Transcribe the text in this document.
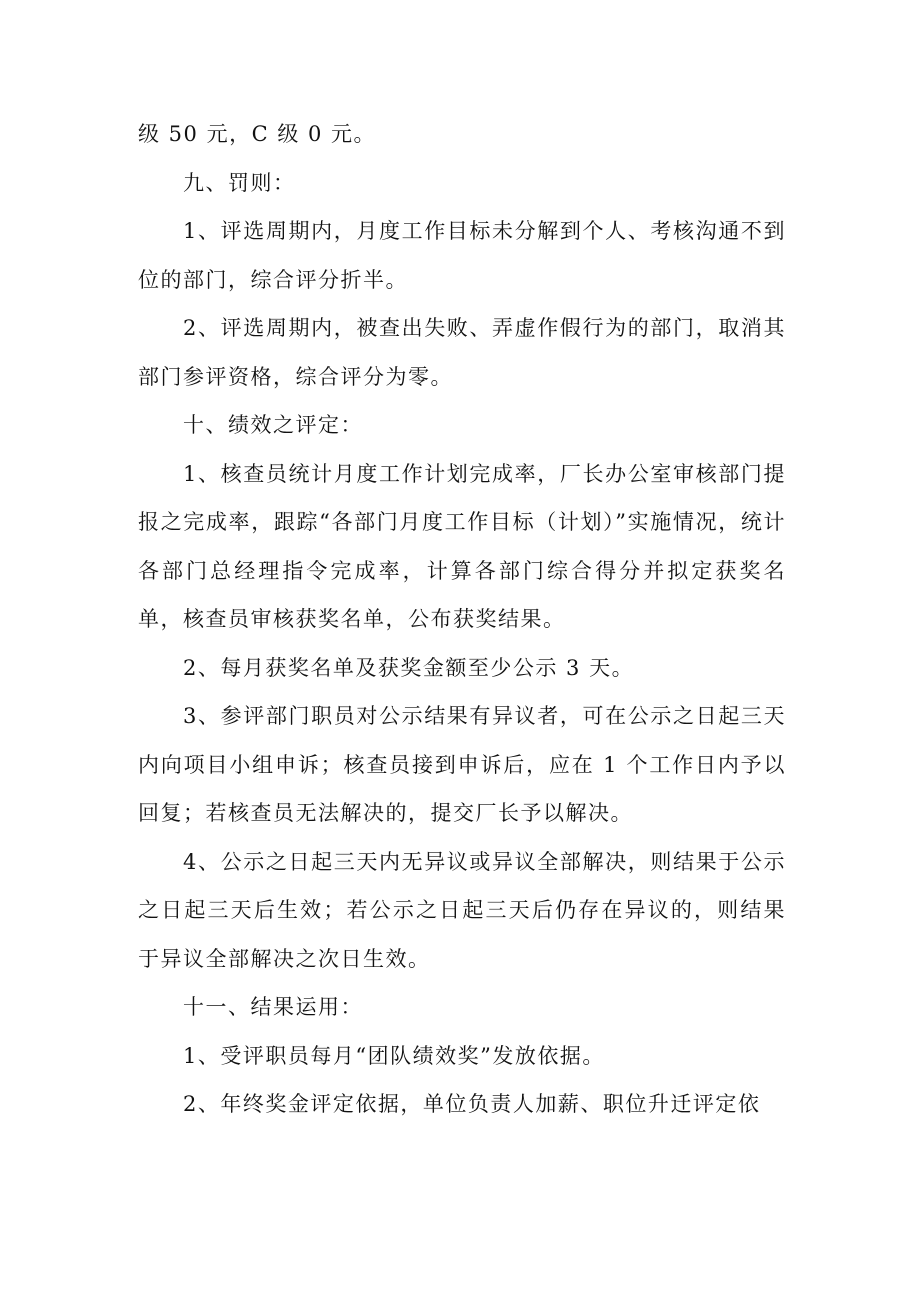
级 50 元，C 级 0 元。

九、罚则：

1、评选周期内，月度工作目标未分解到个人、考核沟通不到位的部门，综合评分折半。

2、评选周期内，被查出失败、弄虚作假行为的部门，取消其部门参评资格，综合评分为零。

十、绩效之评定：

1、核查员统计月度工作计划完成率，厂长办公室审核部门提报之完成率，跟踪“各部门月度工作目标（计划）”实施情况，统计各部门总经理指令完成率，计算各部门综合得分并拟定获奖名单，核查员审核获奖名单，公布获奖结果。

2、每月获奖名单及获奖金额至少公示 3 天。

3、参评部门职员对公示结果有异议者，可在公示之日起三天内向项目小组申诉；核查员接到申诉后，应在 1 个工作日内予以回复；若核查员无法解决的，提交厂长予以解决。

4、公示之日起三天内无异议或异议全部解决，则结果于公示之日起三天后生效；若公示之日起三天后仍存在异议的，则结果于异议全部解决之次日生效。

十一、结果运用：

1、受评职员每月“团队绩效奖”发放依据。

2、年终奖金评定依据，单位负责人加薪、职位升迁评定依
